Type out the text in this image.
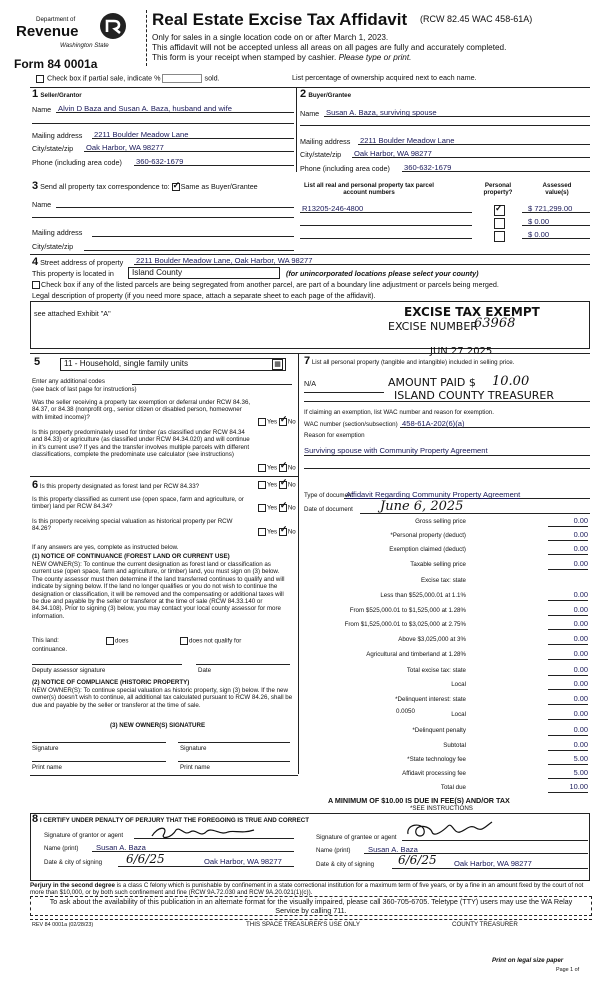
Department of
Revenue
Washington State
Form 84 0001a
Real Estate Excise Tax Affidavit (RCW 82.45 WAC 458-61A)
Only for sales in a single location code on or after March 1, 2023.
This affidavit will not be accepted unless all areas on all pages are fully and accurately completed.
This form is your receipt when stamped by cashier. Please type or print.
Check box if partial sale, indicate %	sold.	List percentage of ownership acquired next to each name.
1 Seller/Grantor
Name Alvin D Baza and Susan A. Baza, husband and wife
Mailing address 2211 Boulder Meadow Lane
City/state/zip Oak Harbor, WA 98277
Phone (including area code) 360-632-1679
2 Buyer/Grantee
Name Susan A. Baza, surviving spouse
Mailing address 2211 Boulder Meadow Lane
City/state/zip Oak Harbor, WA 98277
Phone (including area code) 360-632-1679
3 Send all property tax correspondence to: ✓ Same as Buyer/Grantee
Name
Mailing address
City/state/zip
List all real and personal property tax parcel account numbers
Personal property?
Assessed value(s)
R13205-246-4800 ✓	$ 721,299.00
$ 0.00
$ 0.00
4 Street address of property 2211 Boulder Meadow Lane, Oak Harbor, WA 98277
This property is located in	Island County	(for unincorporated locations please select your county)
Check box if any of the listed parcels are being segregated from another parcel, are part of a boundary line adjustment or parcels being merged.
Legal description of property (if you need more space, attach a separate sheet to each page of the affidavit).
see attached Exhibit "A"	EXCISE TAX EXEMPT
EXCISE NUMBER
63968
JUN 27 2025
5	11 - Household, single family units	▦
Enter any additional codes
(see back of last page for instructions)
Was the seller receiving a property tax exemption or deferral under RCW 84.36, 84.37, or 84.38 (nonprofit org., senior citizen or disabled person, homeowner with limited income)?
Yes ✓ No
Is this property predominately used for timber (as classified under RCW 84.34 and 84.33) or agriculture (as classified under RCW 84.34.020) and will continue in it's current use? If yes and the transfer involves multiple parcels with different classifications, complete the predominate use calculator (see instructions)
Yes ✓ No
6 Is this property designated as forest land per RCW 84.33?	Yes ✓ No
Is this property classified as current use (open space, farm and agriculture, or timber) land per RCW 84.34?	Yes ✓ No
Is this property receiving special valuation as historical property per RCW 84.26?	Yes ✓ No
If any answers are yes, complete as instructed below.
(1) NOTICE OF CONTINUANCE (FOREST LAND OR CURRENT USE)
NEW OWNER(S): To continue the current designation as forest land or classification as current use (open space, farm and agriculture, or timber) land, you must sign on (3) below. The county assessor must then determine if the land transferred continues to qualify and will indicate by signing below. If the land no longer qualifies or you do not wish to continue the designation or classification, it will be removed and the compensating or additional taxes will be due and payable by the seller or transferor at the time of sale (RCW 84.33.140 or 84.34.108). Prior to signing (3) below, you may contact your local county assessor for more information.
This land:	does	does not qualify for
continuance.
Deputy assessor signature	Date
(2) NOTICE OF COMPLIANCE (HISTORIC PROPERTY)
NEW OWNER(S): To continue special valuation as historic property, sign (3) below. If the new owner(s) doesn't wish to continue, all additional tax calculated pursuant to RCW 84.26, shall be due and payable by the seller or transferor at the time of sale.
(3) NEW OWNER(S) SIGNATURE
Signature	Signature
Print name	Print name
7 List all personal property (tangible and intangible) included in selling price.
N/A	AMOUNT PAID $ 10.00
ISLAND COUNTY TREASURER
If claiming an exemption, list WAC number and reason for exemption.
WAC number (section/subsection) 458-61A-202(6)(a)
Reason for exemption
Surviving spouse with Community Property Agreement
Type of document
Affidavit Regarding Community Property Agreement
Date of document June 6, 2025
Gross selling price	0.00
*Personal property (deduct)	0.00
Exemption claimed (deduct)	0.00
Taxable selling price	0.00
Excise tax: state
Less than $525,000.01 at 1.1%	0.00
From $525,000.01 to $1,525,000 at 1.28%	0.00
From $1,525,000.01 to $3,025,000 at 2.75%	0.00
Above $3,025,000 at 3%	0.00
Agricultural and timberland at 1.28%	0.00
Total excise tax: state	0.00
Local	0.00
*Delinquent interest: state	0.00
Local	0.00
*Delinquent penalty	0.00
Subtotal	0.00
*State technology fee	5.00
Affidavit processing fee	5.00
Total due	10.00
0.0050
A MINIMUM OF $10.00 IS DUE IN FEE(S) AND/OR TAX
*SEE INSTRUCTIONS
8 I CERTIFY UNDER PENALTY OF PERJURY THAT THE FOREGOING IS TRUE AND CORRECT
Signature of grantor or agent
Name (print) Susan A. Baza
Date & city of signing 6/6/25	Oak Harbor, WA 98277
Signature of grantee or agent
Name (print) Susan A. Baza
Date & city of signing 6/6/25 Oak Harbor, WA 98277
Perjury in the second degree is a class C felony which is punishable by confinement in a state correctional institution for a maximum term of five years, or by a fine in an amount fixed by the court of not more than $10,000, or by both such confinement and fine (RCW 9A.72.030 and RCW 9A.20.021(1)(c)).
To ask about the availability of this publication in an alternate format for the visually impaired, please call 360-705-6705. Teletype (TTY) users may use the WA Relay Service by calling 711.
REV 84 0001a (02/28/23)	THIS SPACE TREASURER'S USE ONLY	COUNTY TREASURER
Print on legal size paper
Page 1 of
